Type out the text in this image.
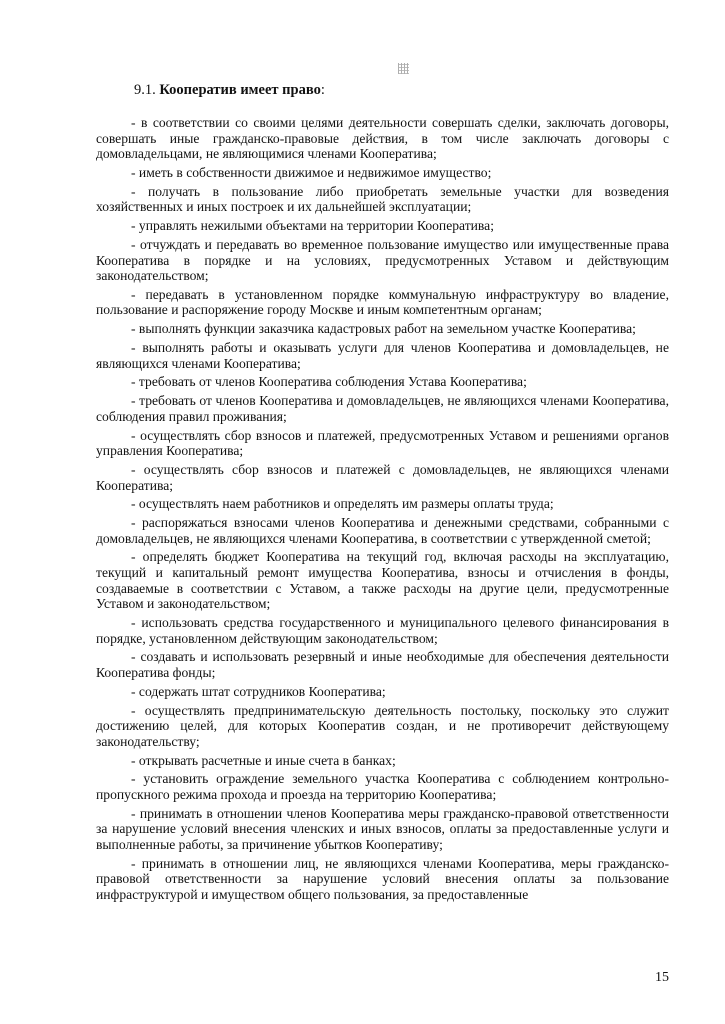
9.1. Кооператив имеет право:

- в соответствии со своими целями деятельности совершать сделки, заключать договоры, совершать иные гражданско-правовые действия, в том числе заключать договоры с домовладельцами, не являющимися членами Кооператива;

- иметь в собственности движимое и недвижимое имущество;

- получать в пользование либо приобретать земельные участки для возведения хозяйственных и иных построек и их дальнейшей эксплуатации;

- управлять нежилыми объектами на территории Кооператива;

- отчуждать и передавать во временное пользование имущество или имущественные права Кооператива в порядке и на условиях, предусмотренных Уставом и действующим законодательством;

- передавать в установленном порядке коммунальную инфраструктуру во владение, пользование и распоряжение городу Москве и иным компетентным органам;

- выполнять функции заказчика кадастровых работ на земельном участке Кооператива;

- выполнять работы и оказывать услуги для членов Кооператива и домовладельцев, не являющихся членами Кооператива;

- требовать от членов Кооператива соблюдения Устава Кооператива;

- требовать от членов Кооператива и домовладельцев, не являющихся членами Кооператива, соблюдения правил проживания;

- осуществлять сбор взносов и платежей, предусмотренных Уставом и решениями органов управления Кооператива;

- осуществлять сбор взносов и платежей с домовладельцев, не являющихся членами Кооператива;

- осуществлять наем работников и определять им размеры оплаты труда;

- распоряжаться взносами членов Кооператива и денежными средствами, собранными с домовладельцев, не являющихся членами Кооператива, в соответствии с утвержденной сметой;

- определять бюджет Кооператива на текущий год, включая расходы на эксплуатацию, текущий и капитальный ремонт имущества Кооператива, взносы и отчисления в фонды, создаваемые в соответствии с Уставом, а также расходы на другие цели, предусмотренные Уставом и законодательством;

- использовать средства государственного и муниципального целевого финансирования в порядке, установленном действующим законодательством;

- создавать и использовать резервный и иные необходимые для обеспечения деятельности Кооператива фонды;

- содержать штат сотрудников Кооператива;

- осуществлять предпринимательскую деятельность постольку, поскольку это служит достижению целей, для которых Кооператив создан, и не противоречит действующему законодательству;

- открывать расчетные и иные счета в банках;

- установить ограждение земельного участка Кооператива с соблюдением контрольно-пропускного режима прохода и проезда на территорию Кооператива;

- принимать в отношении членов Кооператива меры гражданско-правовой ответственности за нарушение условий внесения членских и иных взносов, оплаты за предоставленные услуги и выполненные работы, за причинение убытков Кооперативу;

- принимать в отношении лиц, не являющихся членами Кооператива, меры гражданско-правовой ответственности за нарушение условий внесения оплаты за пользование инфраструктурой и имуществом общего пользования, за предоставленные

15
